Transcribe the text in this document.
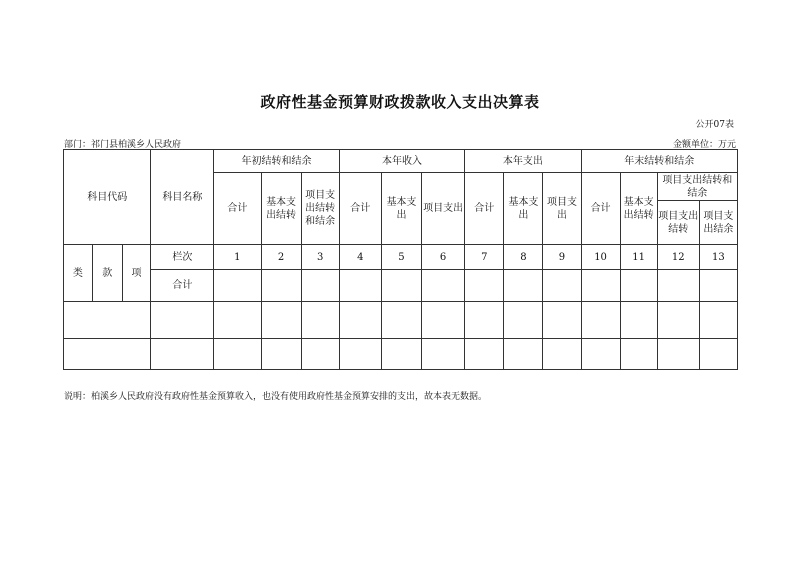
政府性基金预算财政拨款收入支出决算表
公开07表
部门：祁门县柏溪乡人民政府	金额单位：万元
科目代码			科目名称	年初结转和结余			本年收入			本年支出			年末结转和结余			
				合计	基本支出结转	项目支出结转和结余	合计	基本支出	项目支出	合计	基本支出	项目支出	合计	基本支出结转	项目支出结转和结余	
															项目支出结转	项目支出结余

类	款	项	栏次	1	2	3	4	5	6	7	8	9	10	11	12	13
			合计													

说明：柏溪乡人民政府没有政府性基金预算收入，也没有使用政府性基金预算安排的支出，故本表无数据。
